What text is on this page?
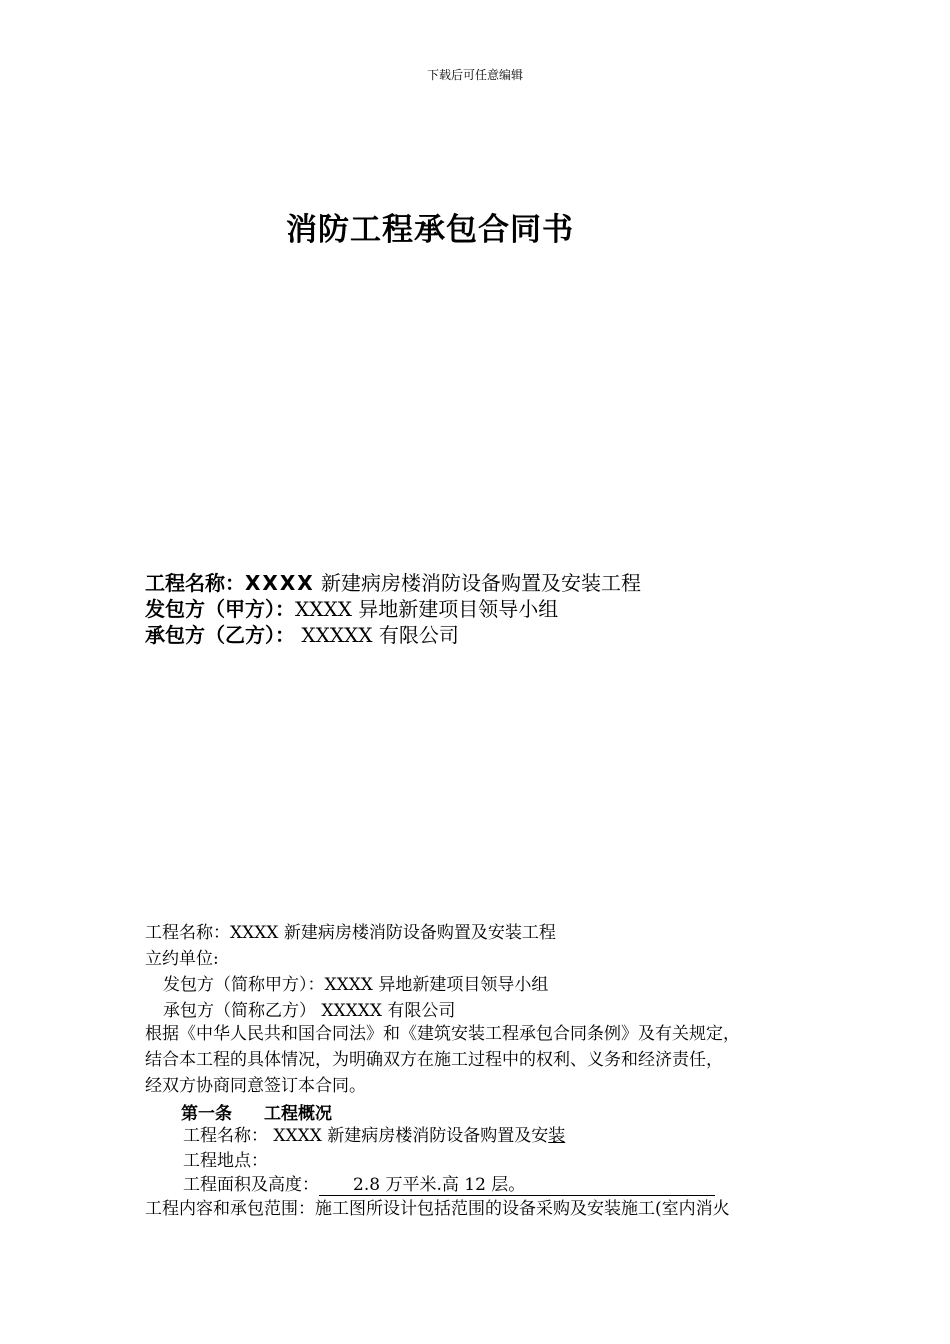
下载后可任意编辑
消防工程承包合同书
工程名称：XXXX 新建病房楼消防设备购置及安装工程
发包方（甲方）：XXXX 异地新建项目领导小组
承包方（乙方）： XXXXX 有限公司
工程名称：XXXX 新建病房楼消防设备购置及安装工程
立约单位:
发包方（简称甲方）：XXXX 异地新建项目领导小组
承包方（简称乙方） XXXXX 有限公司
根据《中华人民共和国合同法》和《建筑安装工程承包合同条例》及有关规定，
结合本工程的具体情况，为明确双方在施工过程中的权利、义务和经济责任，
经双方协商同意签订本合同。
第一条 工程概况
工程名称： XXXX 新建病房楼消防设备购置及安装
工程地点：
工程面积及高度： 2.8 万平米.高 12 层。
工程内容和承包范围：施工图所设计包括范围的设备采购及安装施工(室内消火
